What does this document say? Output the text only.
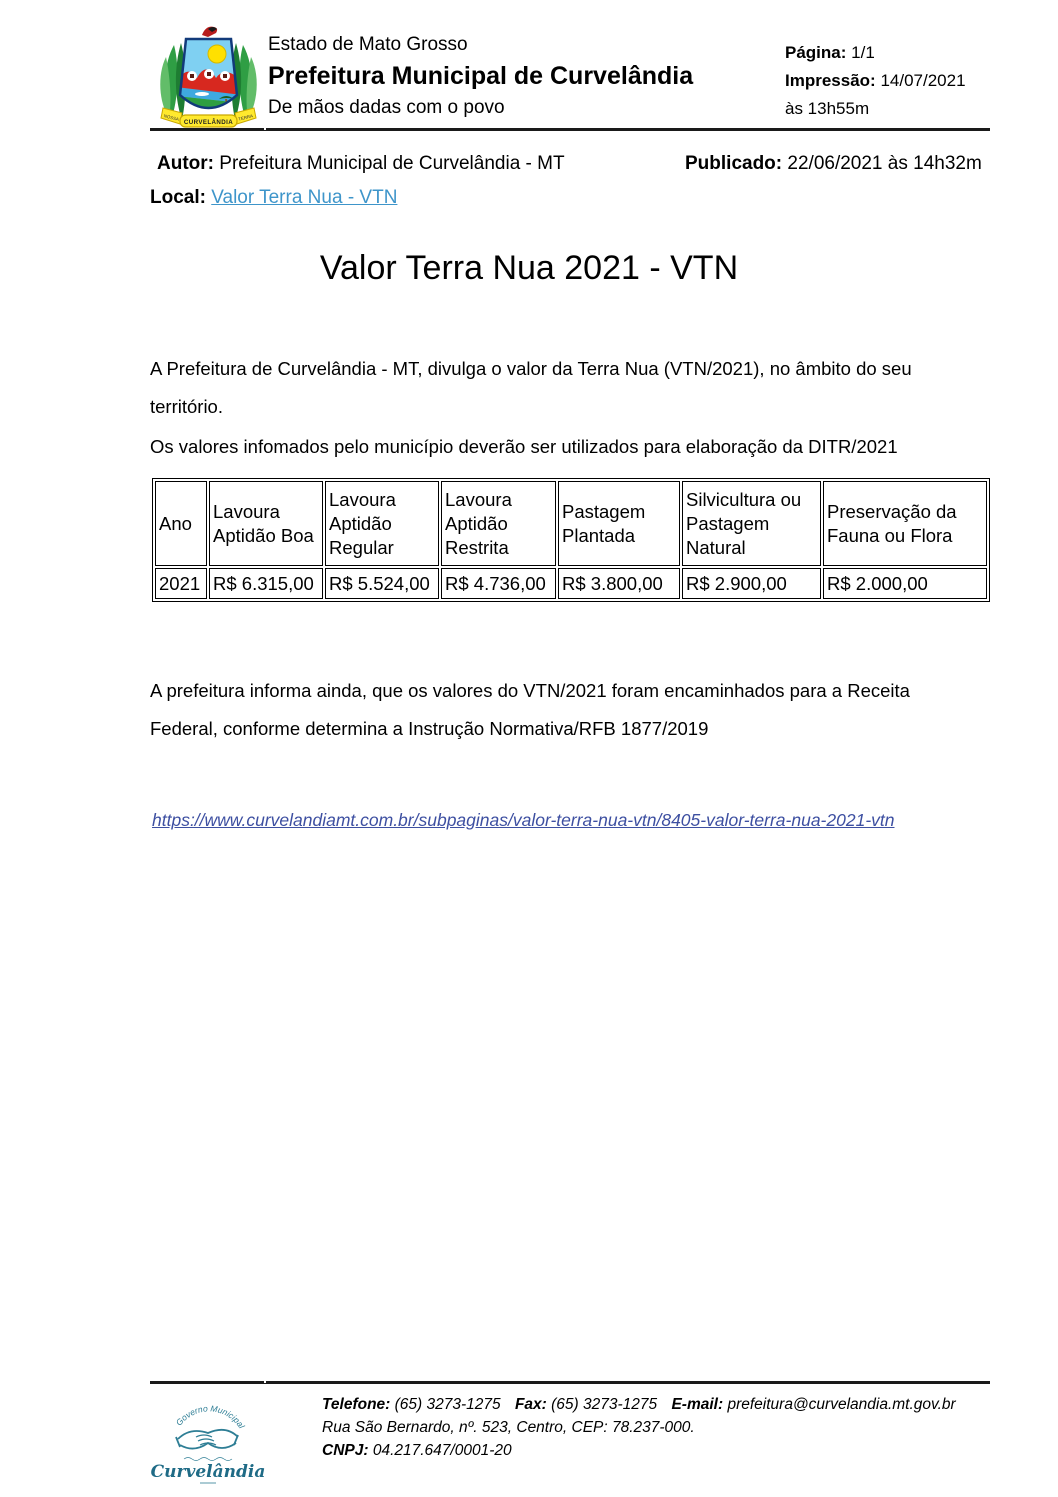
NOSSA	TERRA
CURVELÂNDIA
Estado de Mato Grosso
Prefeitura Municipal de Curvelândia
De mãos dadas com o povo
Página: 1/1
Impressão: 14/07/2021
às 13h55m
Autor: Prefeitura Municipal de Curvelândia - MT	Publicado: 22/06/2021 às 14h32m
Local: Valor Terra Nua - VTN
Valor Terra Nua 2021 - VTN

A Prefeitura de Curvelândia - MT, divulga o valor da Terra Nua (VTN/2021), no âmbito do seu território.

Os valores infomados pelo município deverão ser utilizados para elaboração da DITR/2021

Ano	Lavoura Aptidão Boa	Lavoura Aptidão Regular	Lavoura Aptidão Restrita	Pastagem Plantada	Silvicultura ou Pastagem Natural	Preservação da Fauna ou Flora
2021	R$ 6.315,00	R$ 5.524,00	R$ 4.736,00	R$ 3.800,00	R$ 2.900,00	R$ 2.000,00

A prefeitura informa ainda, que os valores do VTN/2021 foram encaminhados para a Receita Federal, conforme determina a Instrução Normativa/RFB 1877/2019

https://www.curvelandiamt.com.br/subpaginas/valor-terra-nua-vtn/8405-valor-terra-nua-2021-vtn
Governo Municipal
Curvelândia
Telefone: (65) 3273-1275 Fax: (65) 3273-1275 E-mail: prefeitura@curvelandia.mt.gov.br
Rua São Bernardo, nº. 523, Centro, CEP: 78.237-000.
CNPJ: 04.217.647/0001-20
